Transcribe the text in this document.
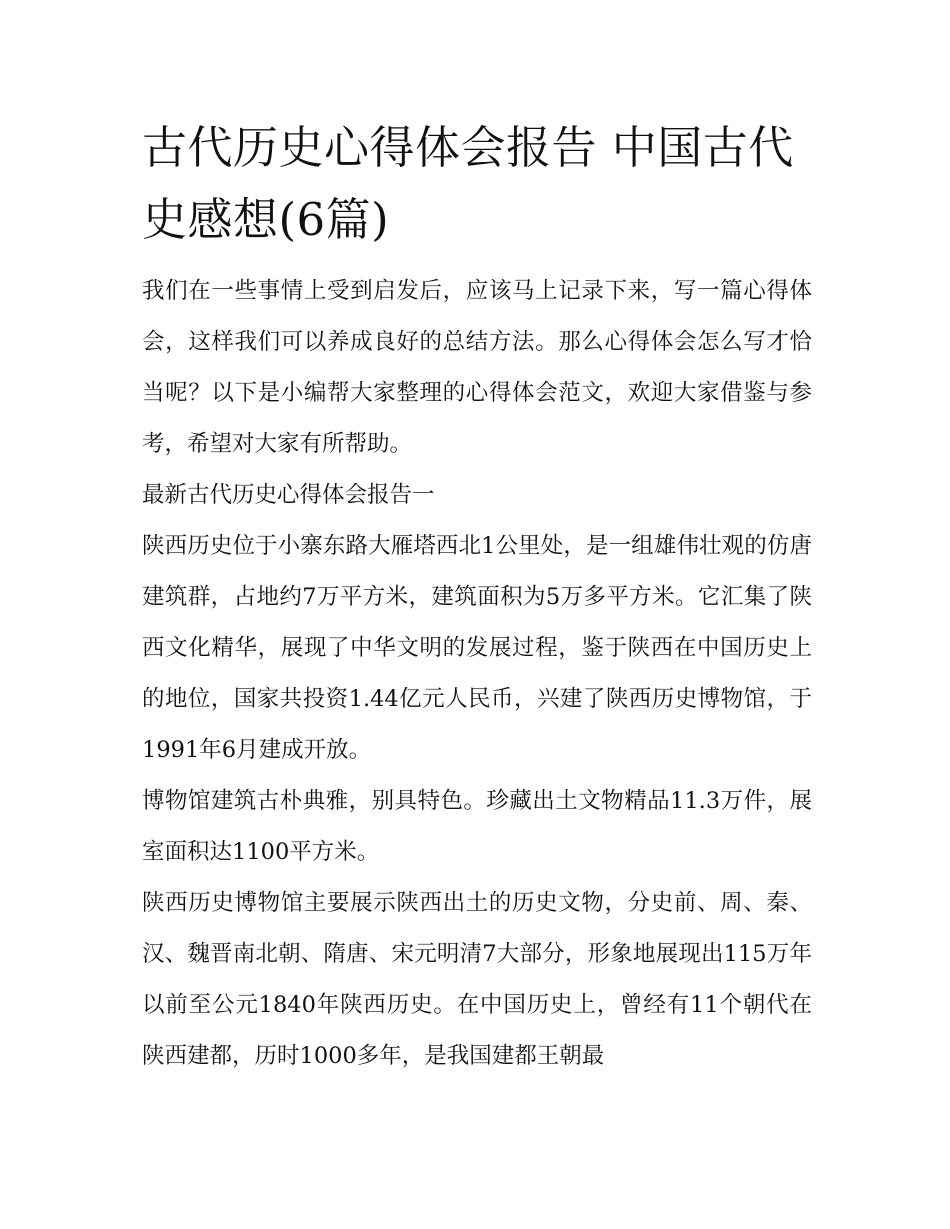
古代历史心得体会报告 中国古代史感想(6篇)

我们在一些事情上受到启发后，应该马上记录下来，写一篇心得体会，这样我们可以养成良好的总结方法。那么心得体会怎么写才恰当呢？以下是小编帮大家整理的心得体会范文，欢迎大家借鉴与参考，希望对大家有所帮助。

最新古代历史心得体会报告一

陕西历史位于小寨东路大雁塔西北1公里处，是一组雄伟壮观的仿唐建筑群，占地约7万平方米，建筑面积为5万多平方米。它汇集了陕西文化精华，展现了中华文明的发展过程，鉴于陕西在中国历史上的地位，国家共投资1.44亿元人民币，兴建了陕西历史博物馆，于1991年6月建成开放。

博物馆建筑古朴典雅，别具特色。珍藏出土文物精品11.3万件，展室面积达1100平方米。

陕西历史博物馆主要展示陕西出土的历史文物，分史前、周、秦、汉、魏晋南北朝、隋唐、宋元明清7大部分，形象地展现出115万年以前至公元1840年陕西历史。在中国历史上，曾经有11个朝代在陕西建都，历时1000多年，是我国建都王朝最
